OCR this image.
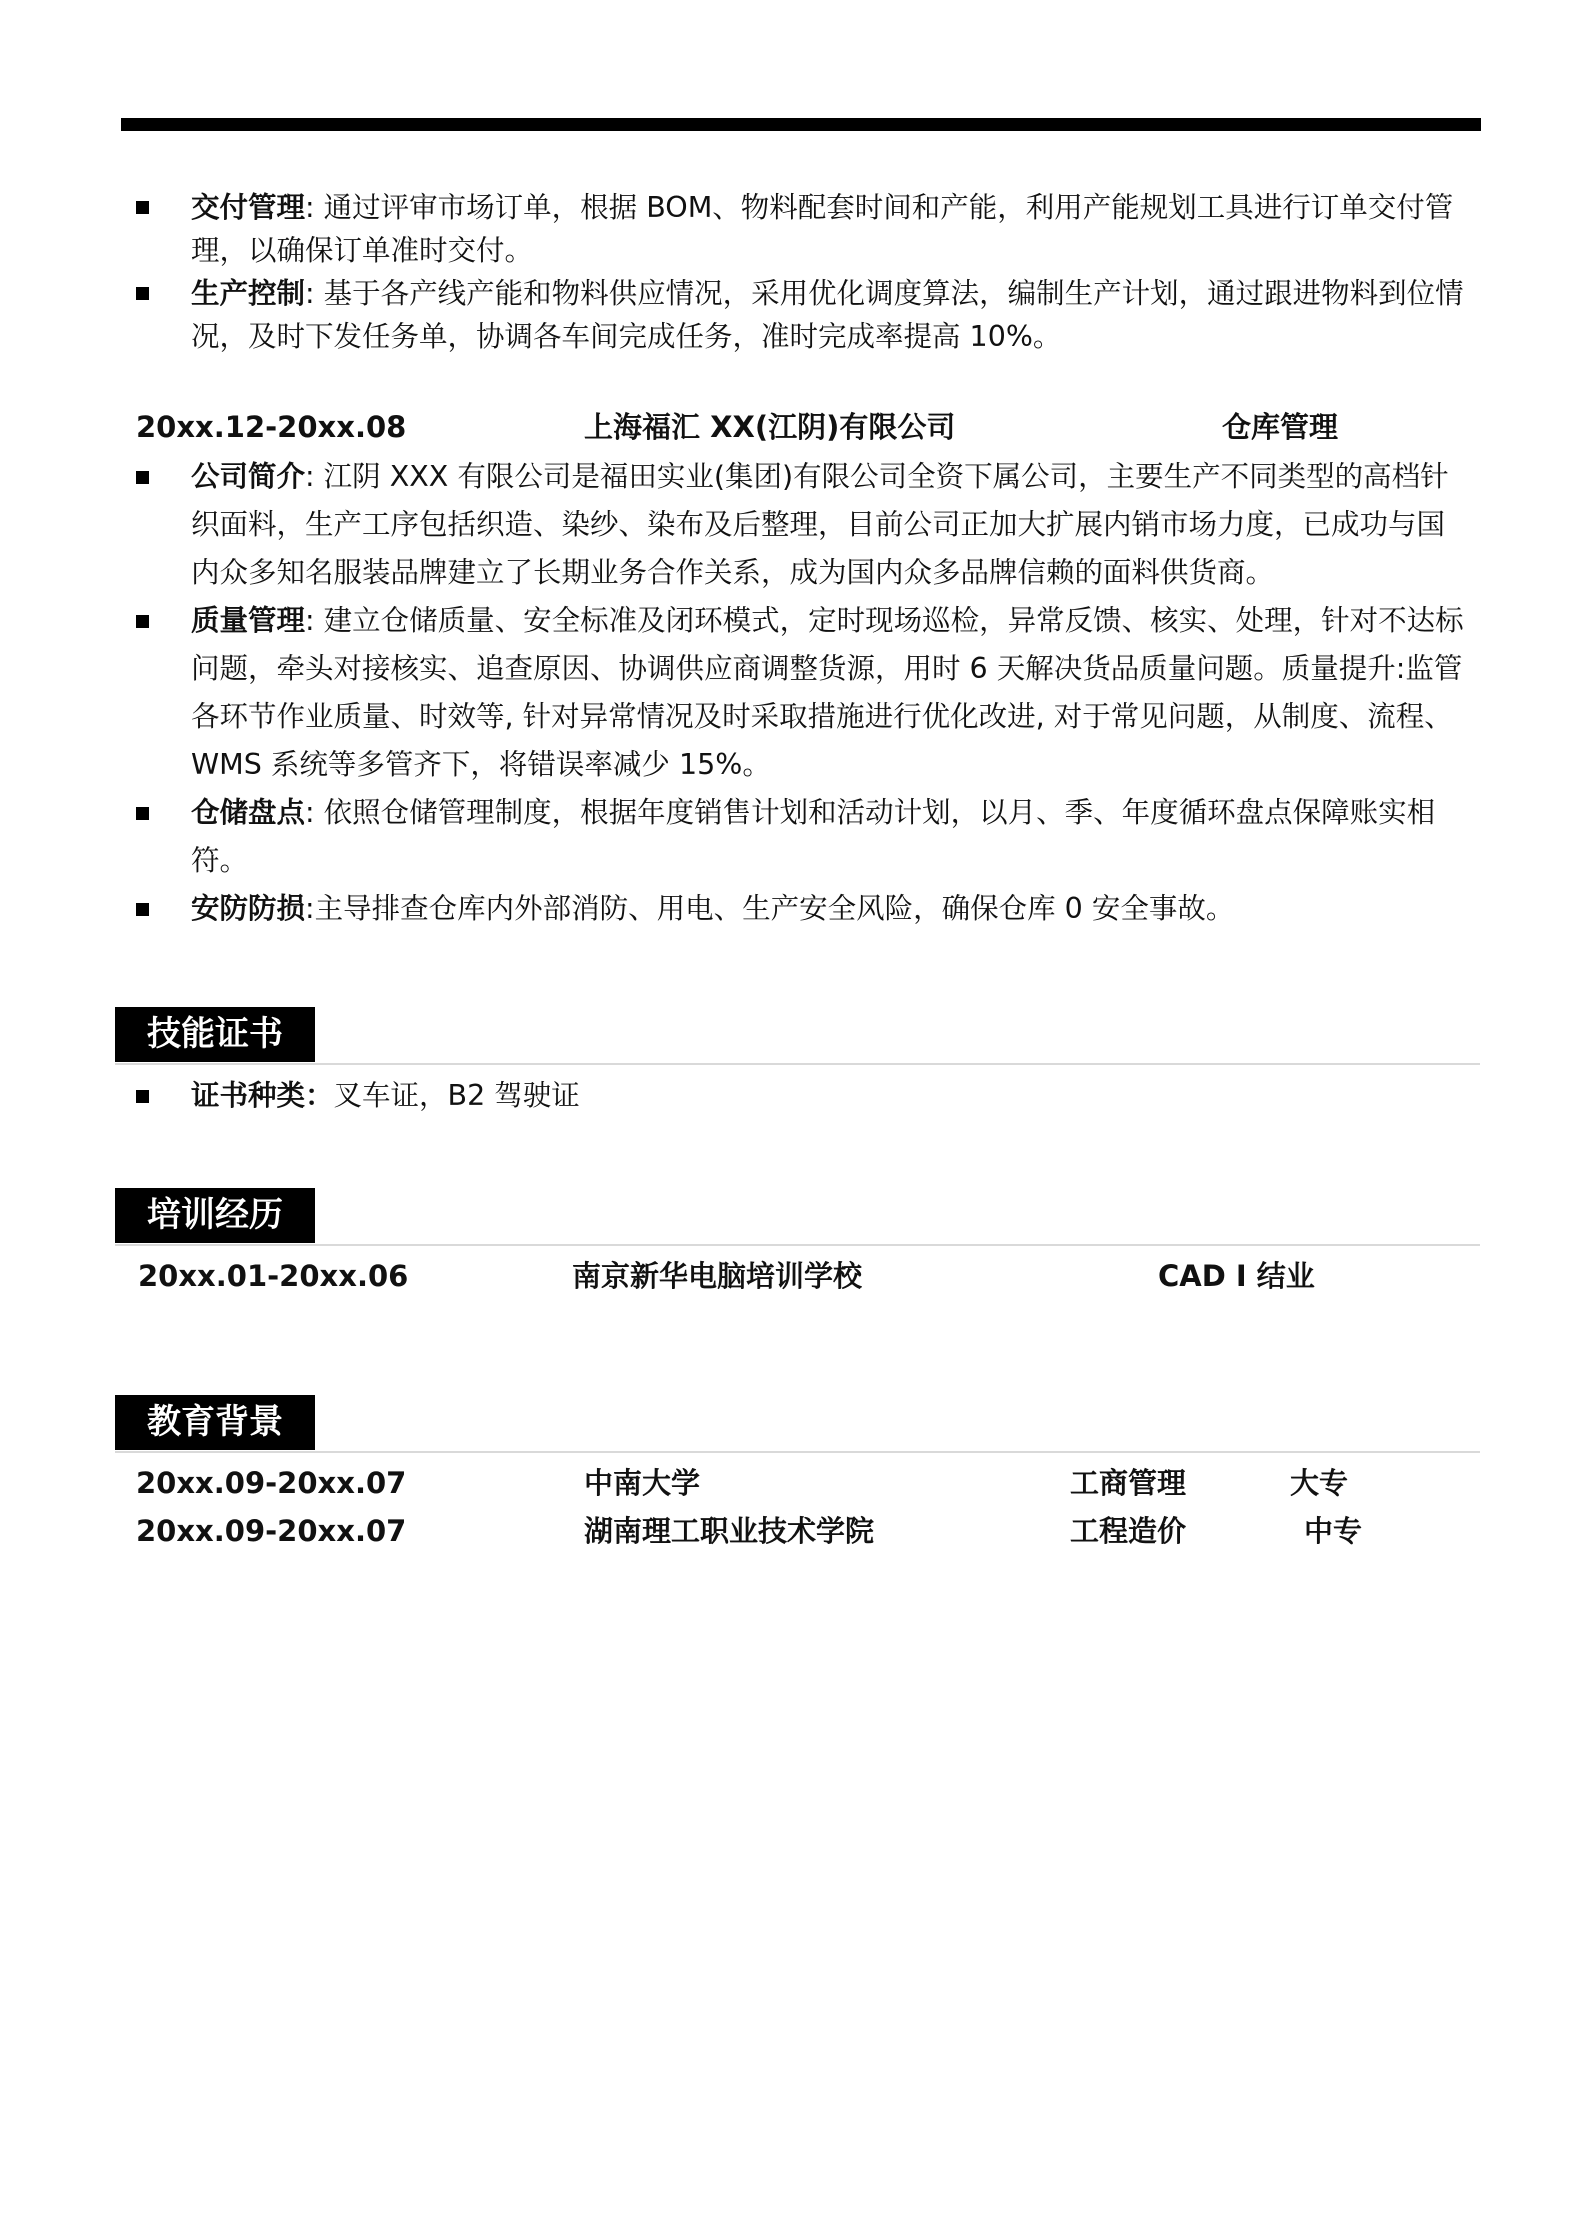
交付管理: 通过评审市场订单，根据 BOM、物料配套时间和产能，利用产能规划工具进行订单交付管理，以确保订单准时交付。
生产控制: 基于各产线产能和物料供应情况，采用优化调度算法，编制生产计划，通过跟进物料到位情况，及时下发任务单，协调各车间完成任务，准时完成率提高 10%。
20xx.12-20xx.08	上海福汇 XX(江阴)有限公司	仓库管理
公司简介: 江阴 XXX 有限公司是福田实业(集团)有限公司全资下属公司，主要生产不同类型的高档针织面料，生产工序包括织造、染纱、染布及后整理，目前公司正加大扩展内销市场力度，已成功与国内众多知名服装品牌建立了长期业务合作关系，成为国内众多品牌信赖的面料供货商。
质量管理: 建立仓储质量、安全标准及闭环模式，定时现场巡检，异常反馈、核实、处理，针对不达标问题，牵头对接核实、追查原因、协调供应商调整货源，用时 6 天解决货品质量问题。质量提升:监管各环节作业质量、时效等, 针对异常情况及时采取措施进行优化改进, 对于常见问题，从制度、流程、WMS 系统等多管齐下，将错误率减少 15%。
仓储盘点: 依照仓储管理制度，根据年度销售计划和活动计划，以月、季、年度循环盘点保障账实相符。
安防防损:主导排查仓库内外部消防、用电、生产安全风险，确保仓库 0 安全事故。
技能证书
证书种类：叉车证，B2 驾驶证
培训经历
20xx.01-20xx.06	南京新华电脑培训学校	CAD Ⅰ 结业
教育背景
20xx.09-20xx.07	中南大学	工商管理	大专
20xx.09-20xx.07	湖南理工职业技术学院	工程造价	中专
